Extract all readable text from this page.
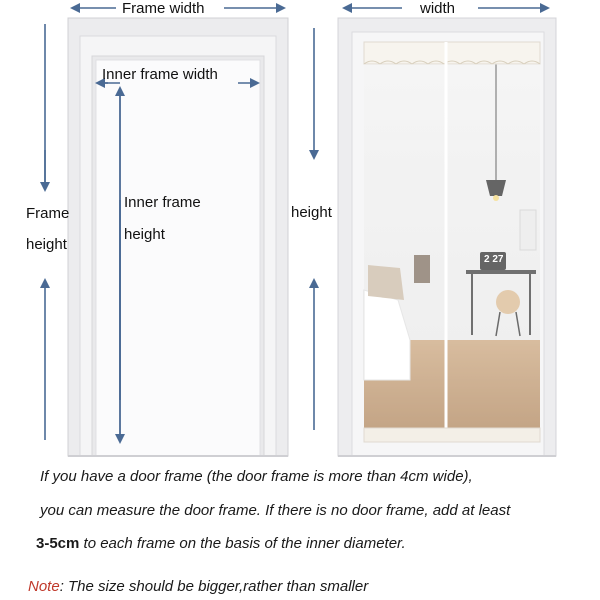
Frame width
Inner frame width
Frame
height
Inner frame
height
width
height
2 27
If you have a door frame (the door frame is more than 4cm wide),
you can measure the door frame. If there is no door frame, add at least
3-5cm to each frame on the basis of the inner diameter.
Note: The size should be bigger,rather than smaller
